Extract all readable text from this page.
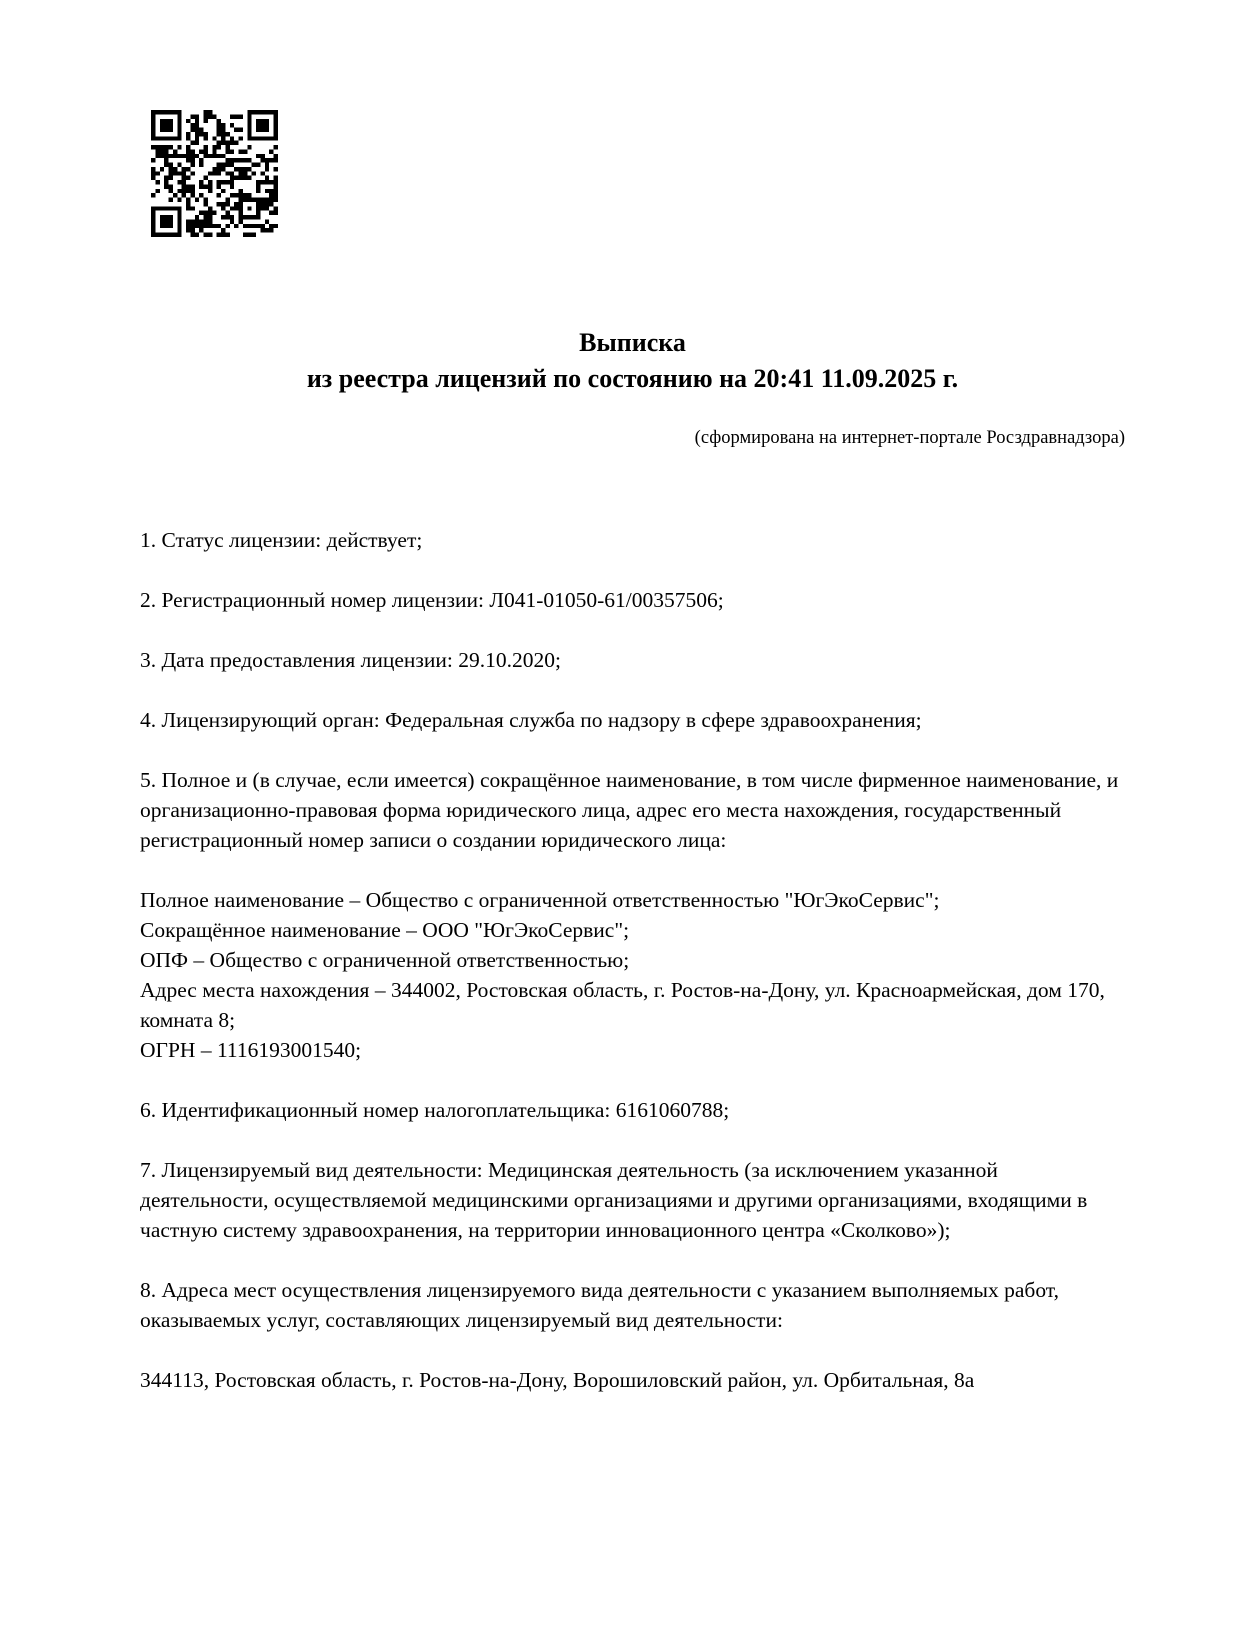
Выписка
из реестра лицензий по состоянию на 20:41 11.09.2025 г.
(сформирована на интернет-портале Росздравнадзора)

1. Статус лицензии: действует;

2. Регистрационный номер лицензии: Л041-01050-61/00357506;

3. Дата предоставления лицензии: 29.10.2020;

4. Лицензирующий орган: Федеральная служба по надзору в сфере здравоохранения;

5. Полное и (в случае, если имеется) сокращённое наименование, в том числе фирменное наименование, и организационно-правовая форма юридического лица, адрес его места нахождения, государственный регистрационный номер записи о создании юридического лица:

Полное наименование – Общество с ограниченной ответственностью "ЮгЭкоСервис";

Сокращённое наименование – ООО "ЮгЭкоСервис";

ОПФ – Общество с ограниченной ответственностью;

Адрес места нахождения – 344002, Ростовская область, г. Ростов-на-Дону, ул. Красноармейская, дом 170, комната 8;

ОГРН – 1116193001540;

6. Идентификационный номер налогоплательщика: 6161060788;

7. Лицензируемый вид деятельности: Медицинская деятельность (за исключением указанной деятельности, осуществляемой медицинскими организациями и другими организациями, входящими в частную систему здравоохранения, на территории инновационного центра «Сколково»);

8. Адреса мест осуществления лицензируемого вида деятельности с указанием выполняемых работ, оказываемых услуг, составляющих лицензируемый вид деятельности:

344113, Ростовская область, г. Ростов-на-Дону, Ворошиловский район, ул. Орбитальная, 8а
